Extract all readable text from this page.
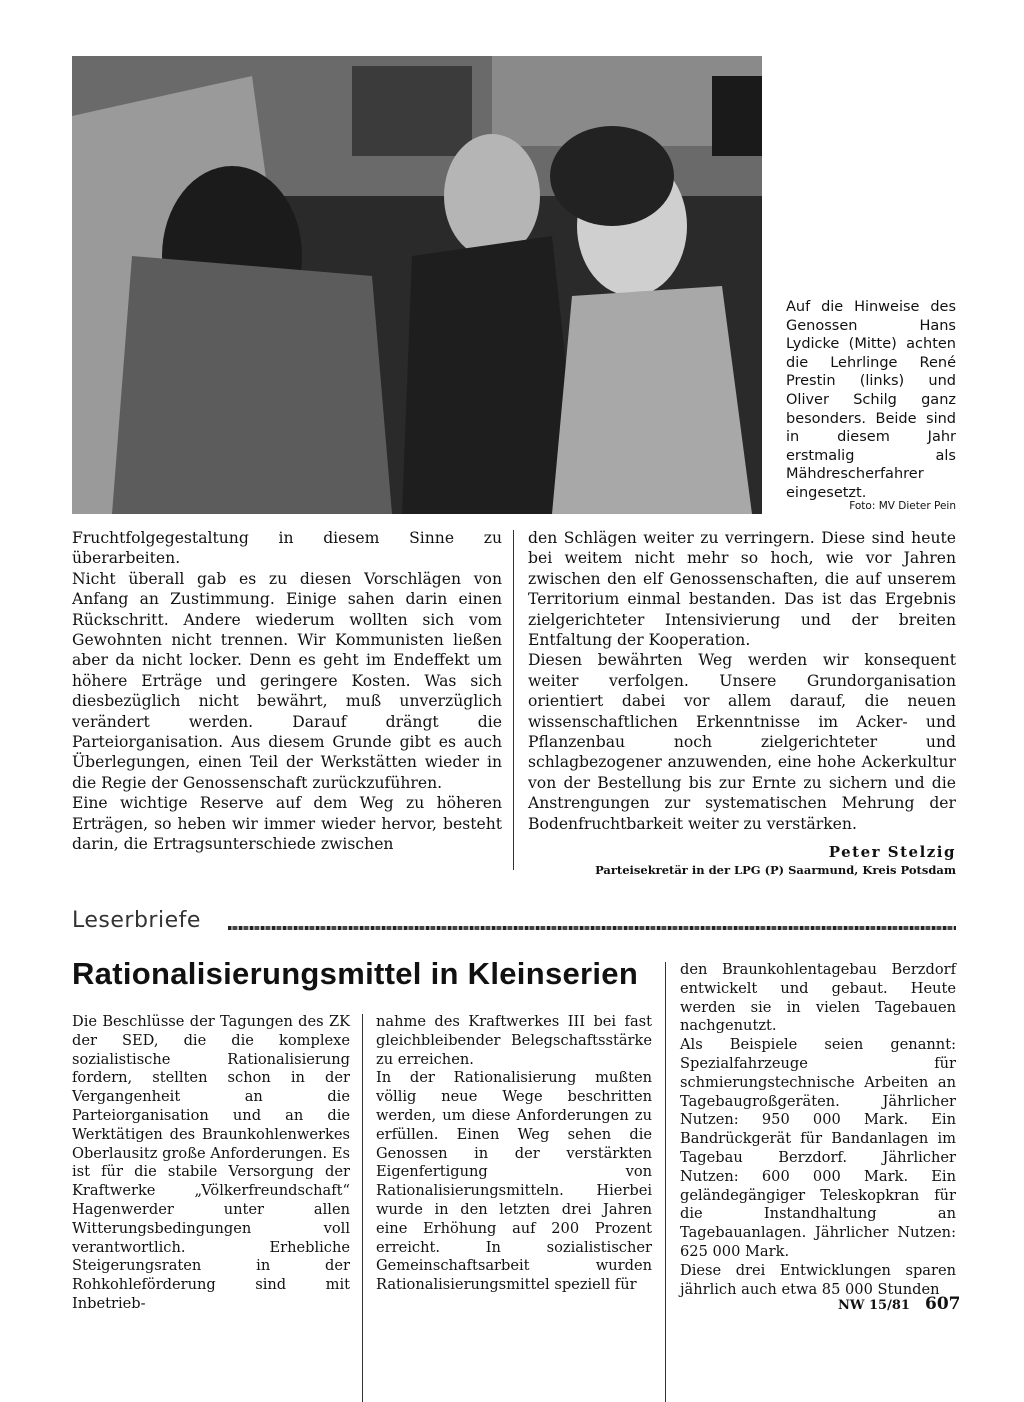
Auf die Hinweise des Genossen Hans Lydicke (Mitte) achten die Lehrlinge René Prestin (links) und Oliver Schilg ganz besonders. Beide sind in diesem Jahr erstmalig als Mähdrescherfahrer eingesetzt.

Foto: MV Dieter Pein

Fruchtfolgegestaltung in diesem Sinne zu überarbeiten.

Nicht überall gab es zu diesen Vorschlägen von Anfang an Zustimmung. Einige sahen darin einen Rückschritt. Andere wiederum wollten sich vom Gewohnten nicht trennen. Wir Kommunisten ließen aber da nicht locker. Denn es geht im Endeffekt um höhere Erträge und geringere Kosten. Was sich diesbezüglich nicht bewährt, muß unverzüglich verändert werden. Darauf drängt die Parteiorganisation. Aus diesem Grunde gibt es auch Überlegungen, einen Teil der Werkstätten wieder in die Regie der Genossenschaft zurückzuführen.

Eine wichtige Reserve auf dem Weg zu höheren Erträgen, so heben wir immer wieder hervor, besteht darin, die Ertragsunterschiede zwischen

den Schlägen weiter zu verringern. Diese sind heute bei weitem nicht mehr so hoch, wie vor Jahren zwischen den elf Genossenschaften, die auf unserem Territorium einmal bestanden. Das ist das Ergebnis zielgerichteter Intensivierung und der breiten Entfaltung der Kooperation.

Diesen bewährten Weg werden wir konsequent weiter verfolgen. Unsere Grundorganisation orientiert dabei vor allem darauf, die neuen wissenschaftlichen Erkenntnisse im Acker- und Pflanzenbau noch zielgerichteter und schlagbezogener anzuwenden, eine hohe Ackerkultur von der Bestellung bis zur Ernte zu sichern und die Anstrengungen zur systematischen Mehrung der Bodenfruchtbarkeit weiter zu verstärken.

Peter Stelzig
Parteisekretär in der LPG (P) Saarmund, Kreis Potsdam
Leserbriefe
Rationalisierungsmittel in Kleinserien

Die Beschlüsse der Tagungen des ZK der SED, die die komplexe sozialistische Rationalisierung fordern, stellten schon in der Vergangenheit an die Parteiorganisation und an die Werktätigen des Braunkohlenwerkes Oberlausitz große Anforderungen. Es ist für die stabile Versorgung der Kraftwerke „Völkerfreundschaft“ Hagenwerder unter allen Witterungsbedingungen voll verantwortlich. Erhebliche Steigerungsraten in der Rohkohleförderung sind mit Inbetrieb-

nahme des Kraftwerkes III bei fast gleichbleibender Belegschaftsstärke zu erreichen.

In der Rationalisierung mußten völlig neue Wege beschritten werden, um diese Anforderungen zu erfüllen. Einen Weg sehen die Genossen in der verstärkten Eigenfertigung von Rationalisierungsmitteln. Hierbei wurde in den letzten drei Jahren eine Erhöhung auf 200 Prozent erreicht. In sozialistischer Gemeinschaftsarbeit wurden Rationalisierungsmittel speziell für

den Braunkohlentagebau Berzdorf entwickelt und gebaut. Heute werden sie in vielen Tagebauen nachgenutzt.

Als Beispiele seien genannt: Spezialfahrzeuge für schmierungstechnische Arbeiten an Tagebaugroßgeräten. Jährlicher Nutzen: 950 000 Mark. Ein Bandrückgerät für Bandanlagen im Tagebau Berzdorf. Jährlicher Nutzen: 600 000 Mark. Ein geländegängiger Teleskopkran für die Instandhaltung an Tagebauanlagen. Jährlicher Nutzen: 625 000 Mark.

Diese drei Entwicklungen sparen jährlich auch etwa 85 000 Stunden

NW 15/81 607
